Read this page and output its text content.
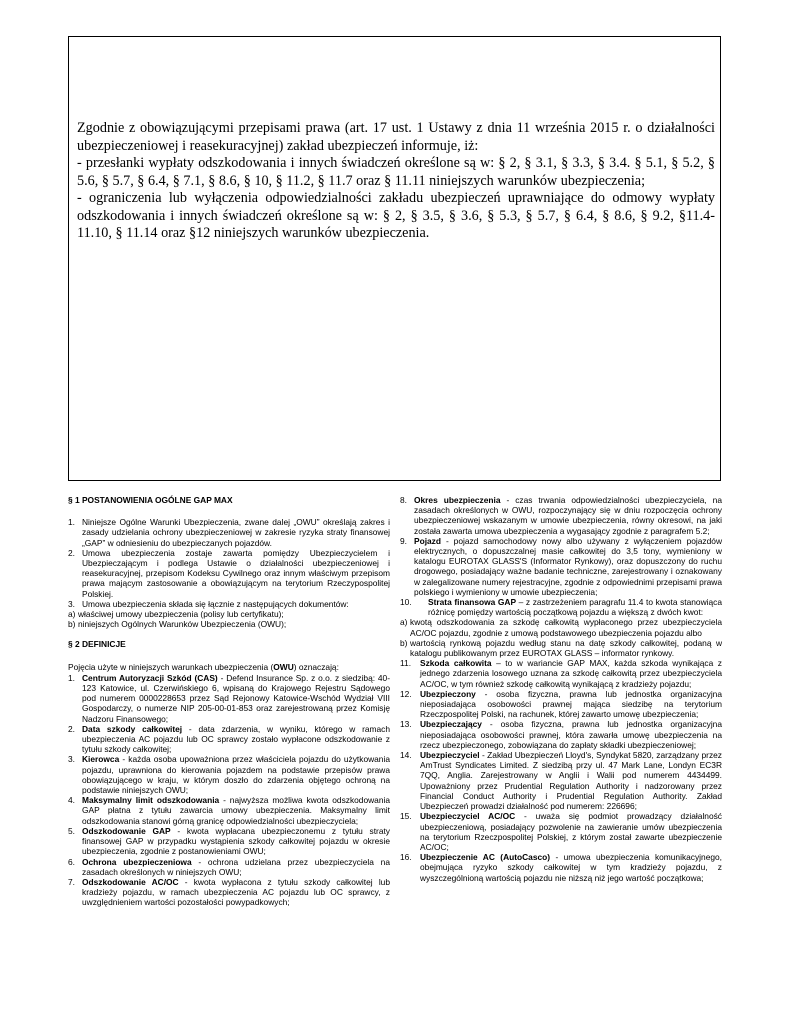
Zgodnie z obowiązującymi przepisami prawa (art. 17 ust. 1 Ustawy z dnia 11 września 2015 r. o działalności ubezpieczeniowej i reasekuracyjnej) zakład ubezpieczeń informuje, iż:

- przesłanki wypłaty odszkodowania i innych świadczeń określone są w: § 2, § 3.1, § 3.3, § 3.4. § 5.1, § 5.2, § 5.6, § 5.7, § 6.4, § 7.1, § 8.6, § 10, § 11.2, § 11.7 oraz § 11.11 niniejszych warunków ubezpieczenia;

- ograniczenia lub wyłączenia odpowiedzialności zakładu ubezpieczeń uprawniające do odmowy wypłaty odszkodowania i innych świadczeń określone są w: § 2, § 3.5, § 3.6, § 5.3, § 5.7, § 6.4, § 8.6, § 9.2, §11.4-11.10, § 11.14 oraz §12 niniejszych warunków ubezpieczenia.

§ 1 POSTANOWIENIA OGÓLNE GAP MAX

1. Niniejsze Ogólne Warunki Ubezpieczenia, zwane dalej „OWU” określają zakres i zasady udzielania ochrony ubezpieczeniowej w zakresie ryzyka straty finansowej „GAP” w odniesieniu do ubezpieczanych pojazdów.
2. Umowa ubezpieczenia zostaje zawarta pomiędzy Ubezpieczycielem i Ubezpieczającym i podlega Ustawie o działalności ubezpieczeniowej i reasekuracyjnej, przepisom Kodeksu Cywilnego oraz innym właściwym przepisom prawa mającym zastosowanie a obowiązującym na terytorium Rzeczypospolitej Polskiej.
3. Umowa ubezpieczenia składa się łącznie z następujących dokumentów:
a) właściwej umowy ubezpieczenia (polisy lub certyfikatu);
b) niniejszych Ogólnych Warunków Ubezpieczenia (OWU);

§ 2 DEFINICJE

Pojęcia użyte w niniejszych warunkach ubezpieczenia (OWU) oznaczają:

1. Centrum Autoryzacji Szkód (CAS) - Defend Insurance Sp. z o.o. z siedzibą: 40-123 Katowice, ul. Czerwińskiego 6, wpisaną do Krajowego Rejestru Sądowego pod numerem 0000228653 przez Sąd Rejonowy Katowice-Wschód Wydział VIII Gospodarczy, o numerze NIP 205-00-01-853 oraz zarejestrowaną przez Komisję Nadzoru Finansowego;
2. Data szkody całkowitej - data zdarzenia, w wyniku, którego w ramach ubezpieczenia AC pojazdu lub OC sprawcy zostało wypłacone odszkodowanie z tytułu szkody całkowitej;
3. Kierowca - każda osoba upoważniona przez właściciela pojazdu do użytkowania pojazdu, uprawniona do kierowania pojazdem na podstawie przepisów prawa obowiązującego w kraju, w którym doszło do zdarzenia objętego ochroną na podstawie niniejszych OWU;
4. Maksymalny limit odszkodowania - najwyższa możliwa kwota odszkodowania GAP płatna z tytułu zawarcia umowy ubezpieczenia. Maksymalny limit odszkodowania stanowi górną granicę odpowiedzialności ubezpieczyciela;
5. Odszkodowanie GAP - kwota wypłacana ubezpieczonemu z tytułu straty finansowej GAP w przypadku wystąpienia szkody całkowitej pojazdu w okresie ubezpieczenia, zgodnie z postanowieniami OWU;
6. Ochrona ubezpieczeniowa - ochrona udzielana przez ubezpieczyciela na zasadach określonych w niniejszych OWU;
7. Odszkodowanie AC/OC - kwota wypłacona z tytułu szkody całkowitej lub kradzieży pojazdu, w ramach ubezpieczenia AC pojazdu lub OC sprawcy, z uwzględnieniem wartości pozostałości powypadkowych;
8. Okres ubezpieczenia - czas trwania odpowiedzialności ubezpieczyciela, na zasadach określonych w OWU, rozpoczynający się w dniu rozpoczęcia ochrony ubezpieczeniowej wskazanym w umowie ubezpieczenia, równy okresowi, na jaki została zawarta umowa ubezpieczenia a wygasający zgodnie z paragrafem 5.2;
9. Pojazd - pojazd samochodowy nowy albo używany z wyłączeniem pojazdów elektrycznych, o dopuszczalnej masie całkowitej do 3,5 tony, wymieniony w katalogu EUROTAX GLASS'S (Informator Rynkowy), oraz dopuszczony do ruchu drogowego, posiadający ważne badanie techniczne, zarejestrowany i oznakowany w zalegalizowane numery rejestracyjne, zgodnie z odpowiednimi przepisami prawa polskiego i wymieniony w umowie ubezpieczenia;
10.	Strata finansowa GAP – z zastrzeżeniem paragrafu 11.4 to kwota stanowiąca różnicę pomiędzy wartością początkową pojazdu a większą z dwóch kwot:
a) kwotą odszkodowania za szkodę całkowitą wypłaconego przez ubezpieczyciela AC/OC pojazdu, zgodnie z umową podstawowego ubezpieczenia pojazdu albo
b) wartością rynkową pojazdu według stanu na datę szkody całkowitej, podaną w katalogu publikowanym przez EUROTAX GLASS – informator rynkowy.
11.	Szkoda całkowita – to w wariancie GAP MAX, każda szkoda wynikająca z jednego zdarzenia losowego uznana za szkodę całkowitą przez ubezpieczyciela AC/OC, w tym również szkodę całkowitą wynikającą z kradzieży pojazdu;
12. Ubezpieczony - osoba fizyczna, prawna lub jednostka organizacyjna nieposiadająca osobowości prawnej mająca siedzibę na terytorium Rzeczpospolitej Polski, na rachunek, której zawarto umowę ubezpieczenia;
13. Ubezpieczający - osoba fizyczna, prawna lub jednostka organizacyjna nieposiadająca osobowości prawnej, która zawarła umowę ubezpieczenia na rzecz ubezpieczonego, zobowiązana do zapłaty składki ubezpieczeniowej;
14. Ubezpieczyciel - Zakład Ubezpieczeń Lloyd's, Syndykat 5820, zarządzany przez AmTrust Syndicates Limited. Z siedzibą przy ul. 47 Mark Lane, Londyn EC3R 7QQ, Anglia. Zarejestrowany w Anglii i Walii pod numerem 4434499. Upoważniony przez Prudential Regulation Authority i nadzorowany przez Financial Conduct Authority i Prudential Regulation Authority. Zakład Ubezpieczeń prowadzi działalność pod numerem: 226696;
15. Ubezpieczyciel AC/OC - uważa się podmiot prowadzący działalność ubezpieczeniową, posiadający pozwolenie na zawieranie umów ubezpieczenia na terytorium Rzeczpospolitej Polskiej, z którym został zawarte ubezpieczenie AC/OC;
16. Ubezpieczenie AC (AutoCasco) - umowa ubezpieczenia komunikacyjnego, obejmująca ryzyko szkody całkowitej w tym kradzieży pojazdu, z wyszczególnioną wartością pojazdu nie niższą niż jego wartość początkowa;
